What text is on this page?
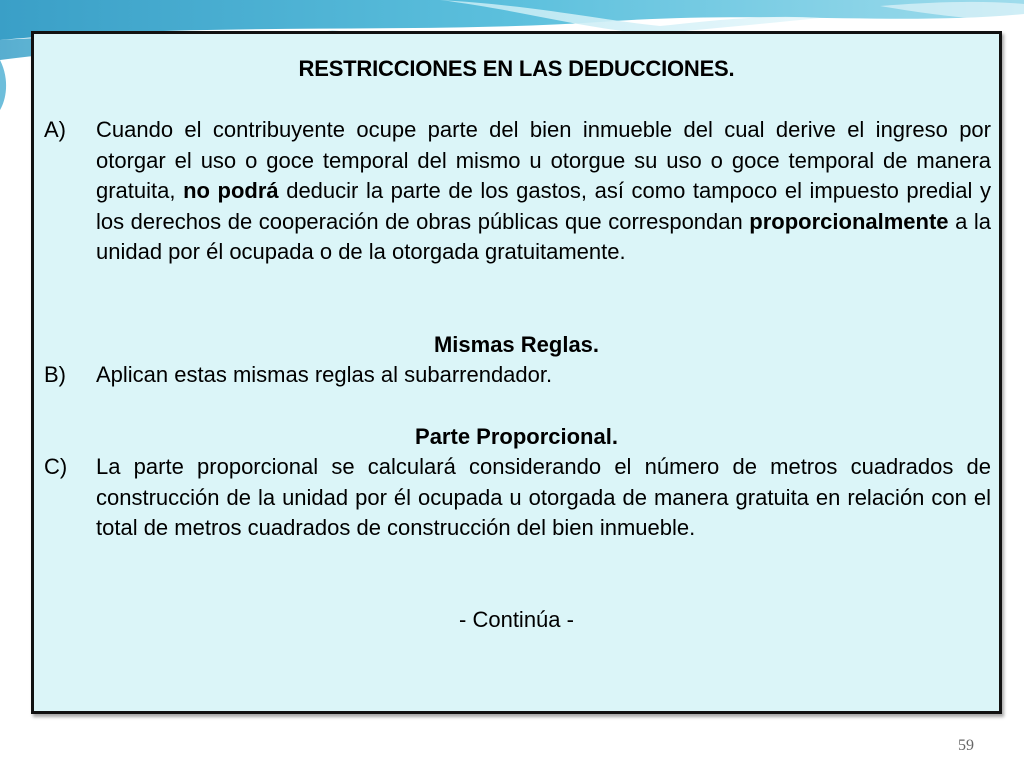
RESTRICCIONES EN LAS DEDUCCIONES.
A) Cuando el contribuyente ocupe parte del bien inmueble del cual derive el ingreso por otorgar el uso o goce temporal del mismo u otorgue su uso o goce temporal de manera gratuita, no podrá deducir la parte de los gastos, así como tampoco el impuesto predial y los derechos de cooperación de obras públicas que correspondan proporcionalmente a la unidad por él ocupada o de la otorgada gratuitamente.
Mismas Reglas.
B) Aplican estas mismas reglas al subarrendador.
Parte Proporcional.
C) La parte proporcional se calculará considerando el número de metros cuadrados de construcción de la unidad por él ocupada u otorgada de manera gratuita en relación con el total de metros cuadrados de construcción del bien inmueble.
- Continúa -
59
